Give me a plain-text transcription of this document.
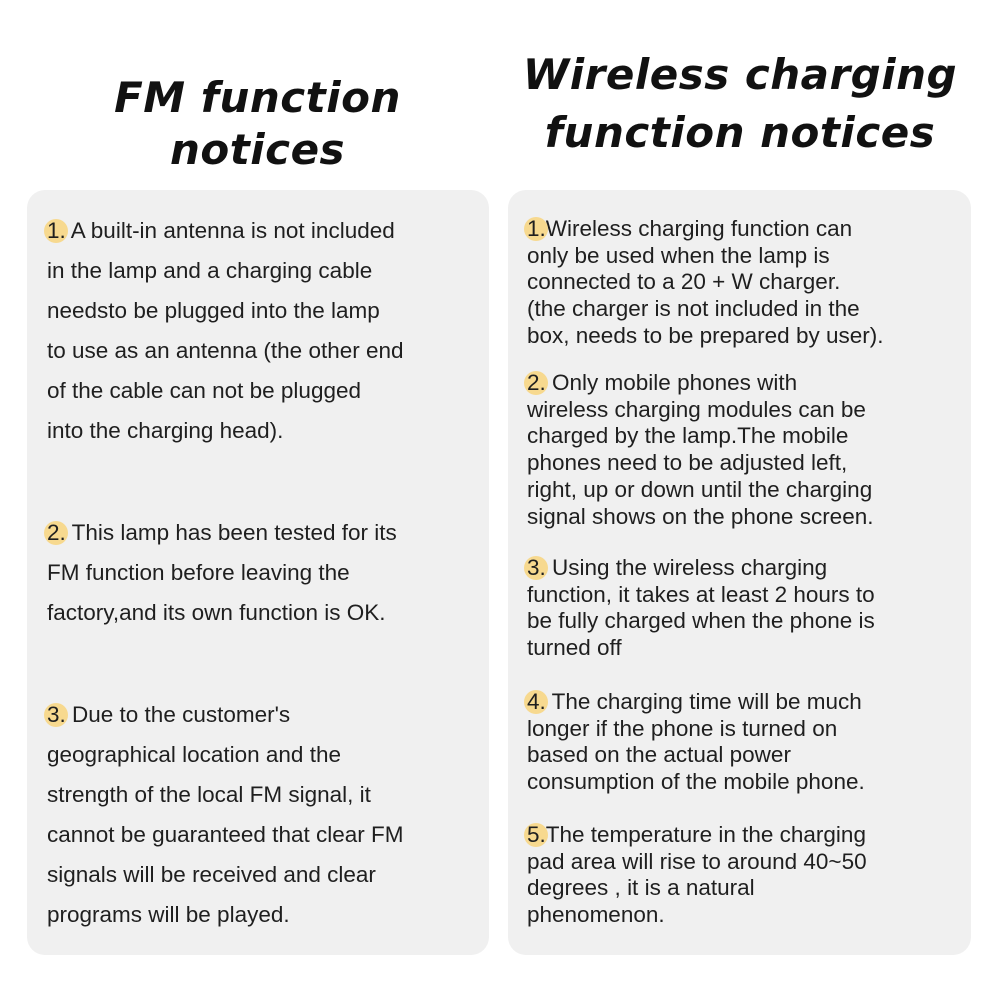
FM function notices
Wireless charging
function notices

1. A built-in antenna is not included
in the lamp and a charging cable
needsto be plugged into the lamp
to use as an antenna (the other end
of the cable can not be plugged
into the charging head).

2. This lamp has been tested for its
FM function before leaving the
factory,and its own function is OK.

3. Due to the customer's
geographical location and the
strength of the local FM signal, it
cannot be guaranteed that clear FM
signals will be received and clear
programs will be played.

1.Wireless charging function can
only be used when the lamp is
connected to a 20 + W charger.
(the charger is not included in the
box, needs to be prepared by user).

2. Only mobile phones with
wireless charging modules can be
charged by the lamp.The mobile
phones need to be adjusted left,
right, up or down until the charging
signal shows on the phone screen.

3. Using the wireless charging
function, it takes at least 2 hours to
be fully charged when the phone is
turned off

4. The charging time will be much
longer if the phone is turned on
based on the actual power
consumption of the mobile phone.

5.The temperature in the charging
pad area will rise to around 40~50
degrees , it is a natural
phenomenon.
